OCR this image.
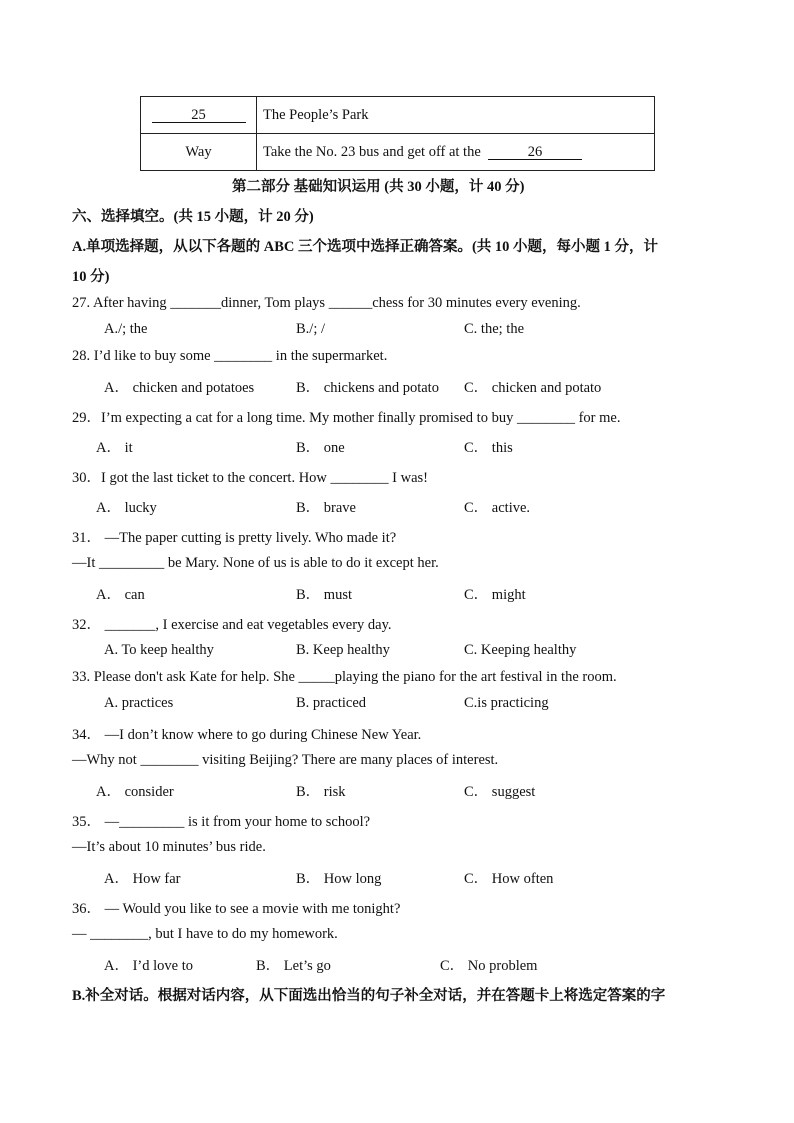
25	The People’s Park
Way	Take the No. 23 bus and get off at the 26
第二部分 基础知识运用 (共 30 小题，计 40 分)
六、选择填空。(共 15 小题，计 20 分)
A.单项选择题，从以下各题的 ABC 三个选项中选择正确答案。(共 10 小题，每小题 1 分，计
10 分)
27. After having _______dinner, Tom plays ______chess for 30 minutes every evening.
A./; the	B./; /	C. the; the
28. I’d like to buy some ________ in the supermarket.
A． chicken and potatoes	B． chickens and potato C． chicken and potato
29．I’m expecting a cat for a long time. My mother finally promised to buy ________ for me.
A． it	B． one	C． this
30．I got the last ticket to the concert. How ________ I was!
A． lucky	B． brave	C． active.
31． —The paper cutting is pretty lively. Who made it?
—It _________ be Mary. None of us is able to do it except her.
A． can	B． must	C． might
32． _______, I exercise and eat vegetables every day.
A. To keep healthy	B. Keep healthy	C. Keeping healthy
33. Please don't ask Kate for help. She _____playing the piano for the art festival in the room.
A. practices	B. practiced	C.is practicing
34． —I don’t know where to go during Chinese New Year.
—Why not ________ visiting Beijing? There are many places of interest.
A． consider	B． risk	C． suggest
35． —_________ is it from your home to school?
—It’s about 10 minutes’ bus ride.
A． How far	B． How long	C． How often
36． — Would you like to see a movie with me tonight?
— ________, but I have to do my homework.
A． I’d love to	B． Let’s go	C． No problem
B.补全对话。根据对话内容，从下面选出恰当的句子补全对话，并在答题卡上将选定答案的字
